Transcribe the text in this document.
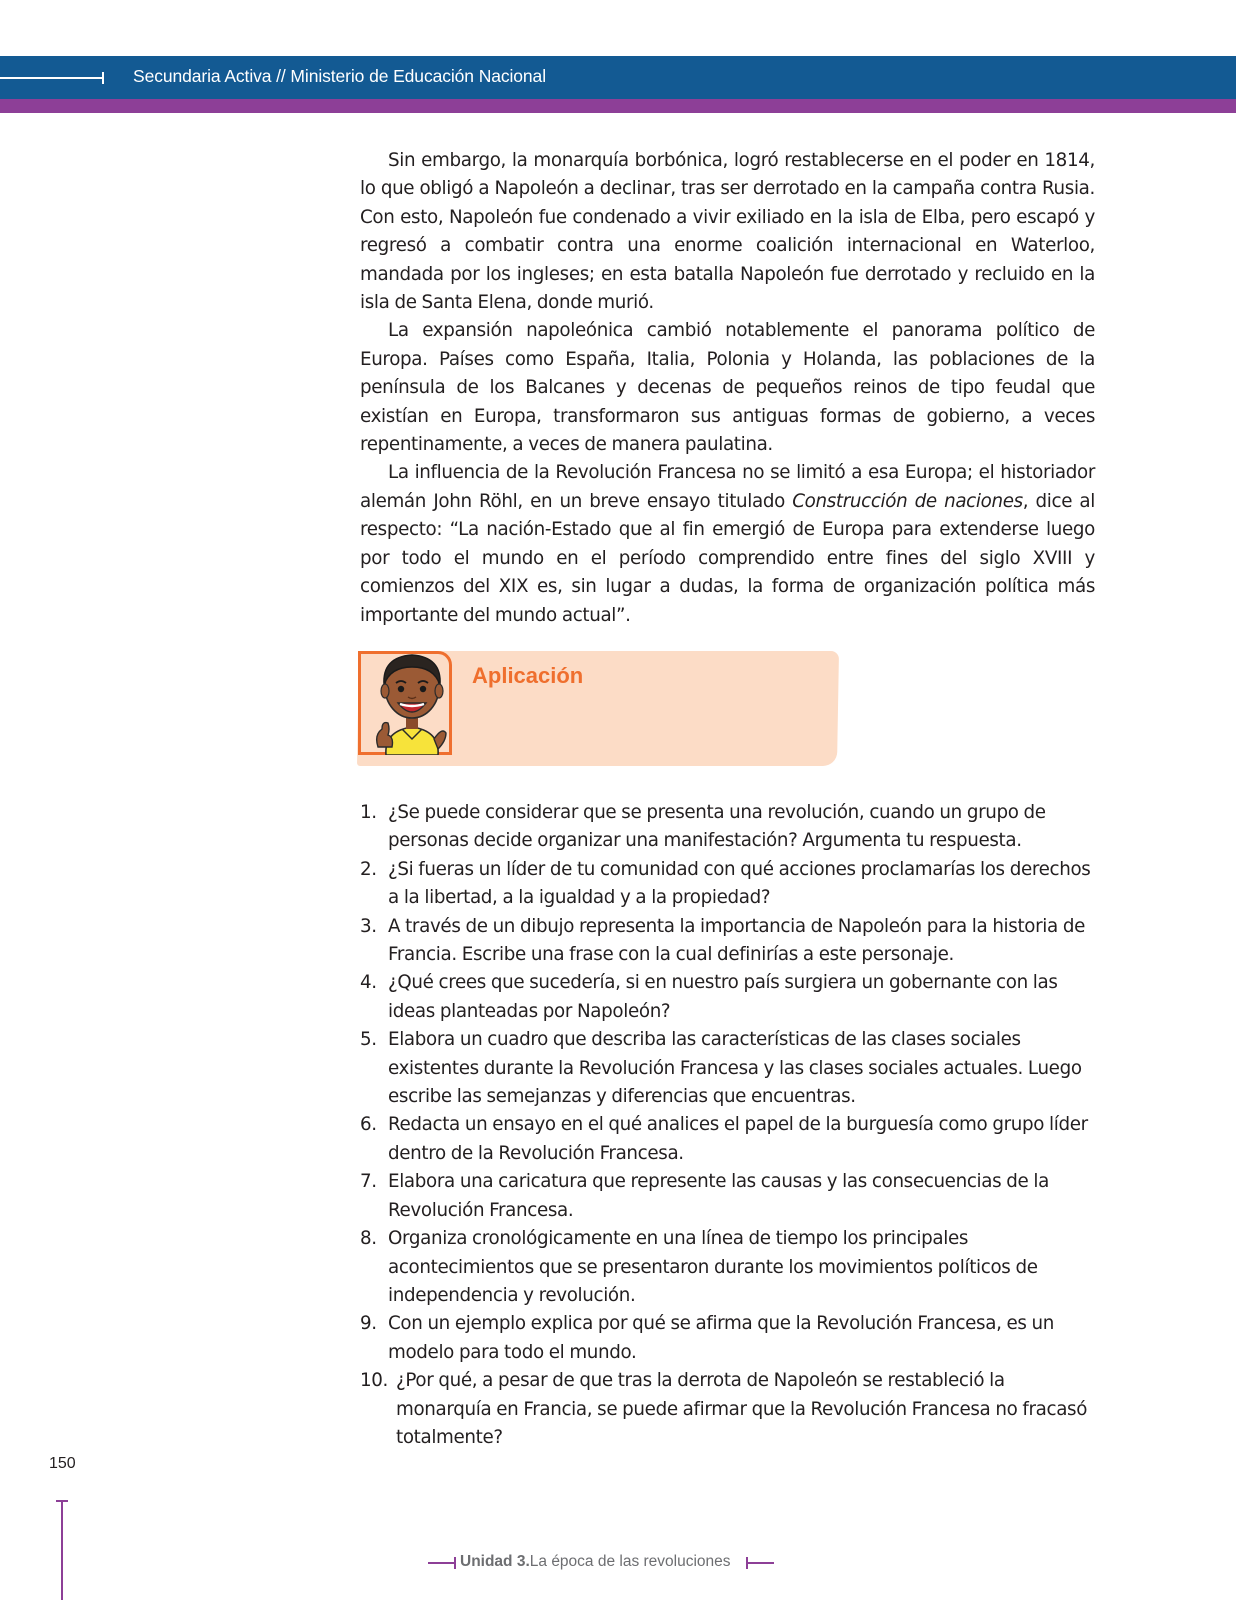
Secundaria Activa // Ministerio de Educación Nacional

Sin embargo, la monarquía borbónica, logró restablecerse en el poder en 1814, lo que obligó a Napoleón a declinar, tras ser derrotado en la campaña contra Rusia. Con esto, Napoleón fue condenado a vivir exiliado en la isla de Elba, pero escapó y regresó a combatir contra una enorme coalición internacional en Waterloo, mandada por los ingleses; en esta batalla Napoleón fue derrotado y recluido en la isla de Santa Elena, donde murió.

La expansión napoleónica cambió notablemente el panorama político de Europa. Países como España, Italia, Polonia y Holanda, las poblaciones de la península de los Balcanes y decenas de pequeños reinos de tipo feudal que existían en Europa, transformaron sus antiguas formas de gobierno, a veces repentinamente, a veces de manera paulatina.

La influencia de la Revolución Francesa no se limitó a esa Europa; el historiador alemán John Röhl, en un breve ensayo titulado Construcción de naciones, dice al respecto: “La nación-Estado que al fin emergió de Europa para extenderse luego por todo el mundo en el período comprendido entre fines del siglo XVIII y comienzos del XIX es, sin lugar a dudas, la forma de organización política más importante del mundo actual”.

Aplicación
1. ¿Se puede considerar que se presenta una revolución, cuando un grupo de personas decide organizar una manifestación? Argumenta tu respuesta.
2. ¿Si fueras un líder de tu comunidad con qué acciones proclamarías los derechos a la libertad, a la igualdad y a la propiedad?
3. A través de un dibujo representa la importancia de Napoleón para la historia de Francia. Escribe una frase con la cual definirías a este personaje.
4. ¿Qué crees que sucedería, si en nuestro país surgiera un gobernante con las ideas planteadas por Napoleón?
5. Elabora un cuadro que describa las características de las clases sociales existentes durante la Revolución Francesa y las clases sociales actuales. Luego escribe las semejanzas y diferencias que encuentras.
6. Redacta un ensayo en el qué analices el papel de la burguesía como grupo líder dentro de la Revolución Francesa.
7. Elabora una caricatura que represente las causas y las consecuencias de la Revolución Francesa.
8. Organiza cronológicamente en una línea de tiempo los principales acontecimientos que se presentaron durante los movimientos políticos de independencia y revolución.
9. Con un ejemplo explica por qué se afirma que la Revolución Francesa, es un modelo para todo el mundo.
10. ¿Por qué, a pesar de que tras la derrota de Napoleón se restableció la monarquía en Francia, se puede afirmar que la Revolución Francesa no fracasó totalmente?
150
Unidad 3.La época de las revoluciones
